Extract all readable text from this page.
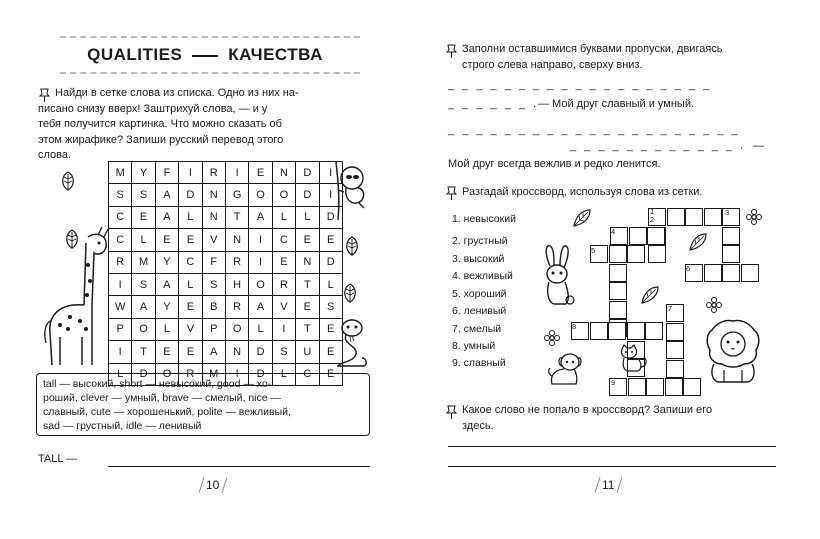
QUALITIES	КАЧЕСТВА
Найди в сетке слова из списка. Одно из них на-
писано снизу вверх! Заштрихуй слова, — и у
тебя получится картинка. Что можно сказать об
этом жирафике? Запиши русский перевод этого
слова.
M	Y	F	I	R	I	E	N	D	I
S	S	A	D	N	G	O	O	D	I
C	E	A	L	N	T	A	L	L	D
C	L	E	E	V	N	I	C	E	E
R	M	Y	C	F	R	I	E	N	D
I	S	A	L	S	H	O	R	T	L
W	A	Y	E	B	R	A	V	E	S
P	O	L	V	P	O	L	I	T	E
I	T	E	E	A	N	D	S	U	E
L	D	O	R	M	I	D	L	C	E
tall — высокий, short — невысокий, good — хо-
роший, clever — умный, brave — смелый, nice —
славный, cute — хорошенький, polite — вежливый,
sad — грустный, idle — ленивый
TALL —
10
Заполни оставшимися буквами пропуски, двигаясь
строго слева направо, сверху вниз.
_ _ _ _ _ _ _ _ _ _ _ _ _ _ _ _ _ _ _
_ _ _ _ _ _ . — Мой друг славный и умный.
_ _ _ _ _ _ _ _ _ _ _ _ _ _ _ _ _ _ _ _ _
_ _ _ _ _ _ _ _ _ _ _ _ . —
Мой друг всегда вежлив и редко ленится.
Разгадай кроссворд, используя слова из сетки.
Какое слово не попало в кроссворд? Запиши его
здесь.
11
1. невысокий
2. грустный
3. высокий
4. вежливый
5. хороший
6. ленивый
7. смелый
8. умный
9. славный
1
2
3
4
5
6
7
8
9
